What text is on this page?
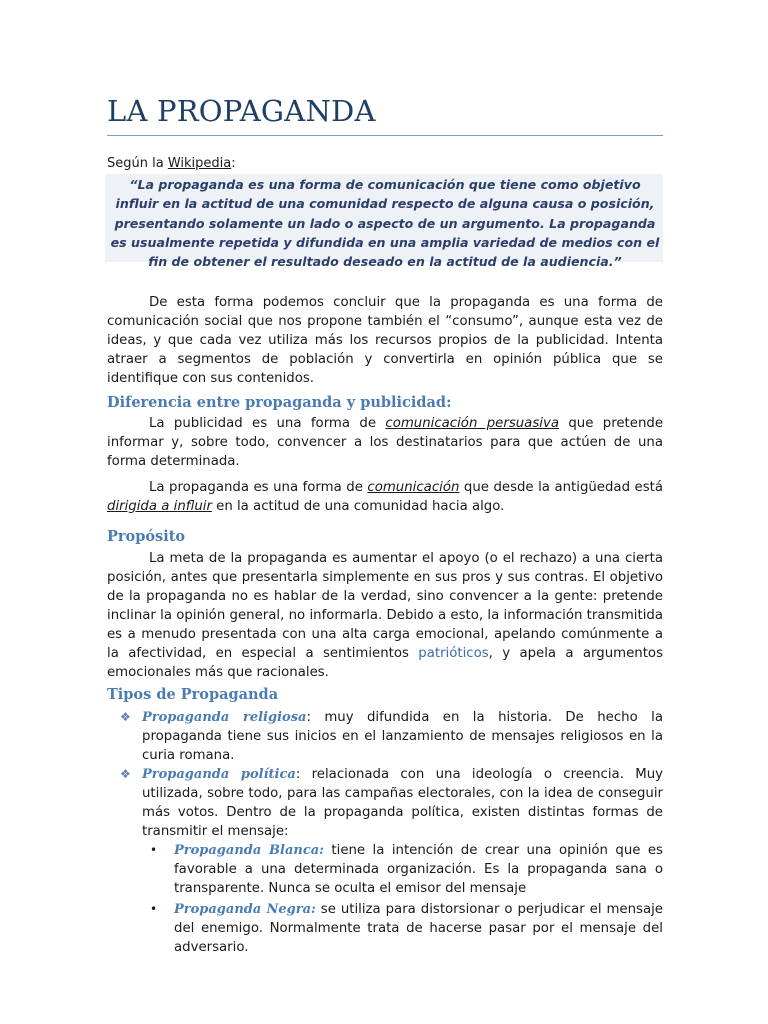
LA PROPAGANDA
Según la Wikipedia:
“La propaganda es una forma de comunicación que tiene como objetivo influir en la actitud de una comunidad respecto de alguna causa o posición, presentando solamente un lado o aspecto de un argumento. La propaganda es usualmente repetida y difundida en una amplia variedad de medios con el fin de obtener el resultado deseado en la actitud de la audiencia.”
De esta forma podemos concluir que la propaganda es una forma de comunicación social que nos propone también el “consumo”, aunque esta vez de ideas, y que cada vez utiliza más los recursos propios de la publicidad. Intenta atraer a segmentos de población y convertirla en opinión pública que se identifique con sus contenidos.
Diferencia entre propaganda y publicidad:
La publicidad es una forma de comunicación persuasiva que pretende informar y, sobre todo, convencer a los destinatarios para que actúen de una forma determinada.
La propaganda es una forma de comunicación que desde la antigüedad está dirigida a influir en la actitud de una comunidad hacia algo.
Propósito
La meta de la propaganda es aumentar el apoyo (o el rechazo) a una cierta posición, antes que presentarla simplemente en sus pros y sus contras. El objetivo de la propaganda no es hablar de la verdad, sino convencer a la gente: pretende inclinar la opinión general, no informarla. Debido a esto, la información transmitida es a menudo presentada con una alta carga emocional, apelando comúnmente a la afectividad, en especial a sentimientos patrióticos, y apela a argumentos emocionales más que racionales.
Tipos de Propaganda
❖ Propaganda religiosa: muy difundida en la historia. De hecho la propaganda tiene sus inicios en el lanzamiento de mensajes religiosos en la curia romana.
❖ Propaganda política: relacionada con una ideología o creencia. Muy utilizada, sobre todo, para las campañas electorales, con la idea de conseguir más votos. Dentro de la propaganda política, existen distintas formas de transmitir el mensaje:
• Propaganda Blanca: tiene la intención de crear una opinión que es favorable a una determinada organización. Es la propaganda sana o transparente. Nunca se oculta el emisor del mensaje
• Propaganda Negra: se utiliza para distorsionar o perjudicar el mensaje del enemigo. Normalmente trata de hacerse pasar por el mensaje del adversario.
